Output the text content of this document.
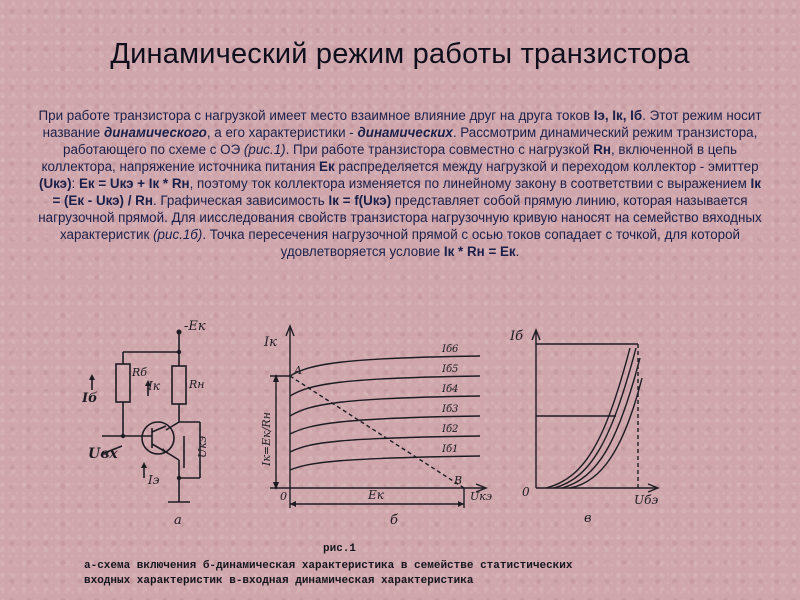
Динамический режим работы транзистора
При работе транзистора с нагрузкой имеет место взаимное влияние друг на друга токов Iэ, Iк, Iб. Этот режим носит название динамического, а его характеристики - динамических. Рассмотрим динамический режим транзистора, работающего по схеме с ОЭ (рис.1). При работе транзистора совместно с нагрузкой Rн, включенной в цепь коллектора, напряжение источника питания Ек распределяется между нагрузкой и переходом коллектор - эмиттер (Uкэ): Ек = Uкэ + Iк * Rн, поэтому ток коллектора изменяется по линейному закону в соответствии с выражением Iк = (Ек - Uкэ) / Rн. Графическая зависимость Iк = f(Uкэ) представляет собой прямую линию, которая называется нагрузочной прямой. Для иисследования свойств транзистора нагрузочную кривую наносят на семейство вяходных характеристик (рис.1б). Точка пересечения нагрузочной прямой с осью токов сопадает с точкой, для которой удовлетворяется условие Iк * Rн = Ек.
-Ек
Rб
Rн
Iб
Iк
Iэ
Uвх	Uкэ
а
Iк
Uкэ
A
B
Iк=Ек/Rн
Ек
0
Iб6
Iб5
Iб4
Iб3
Iб2
Iб1
б
Iб
Uбэ
0
в
рис.1
а-схема включения б-динамическая характеристика в семействе статистических
входных характеристик в-входная динамическая характеристика
